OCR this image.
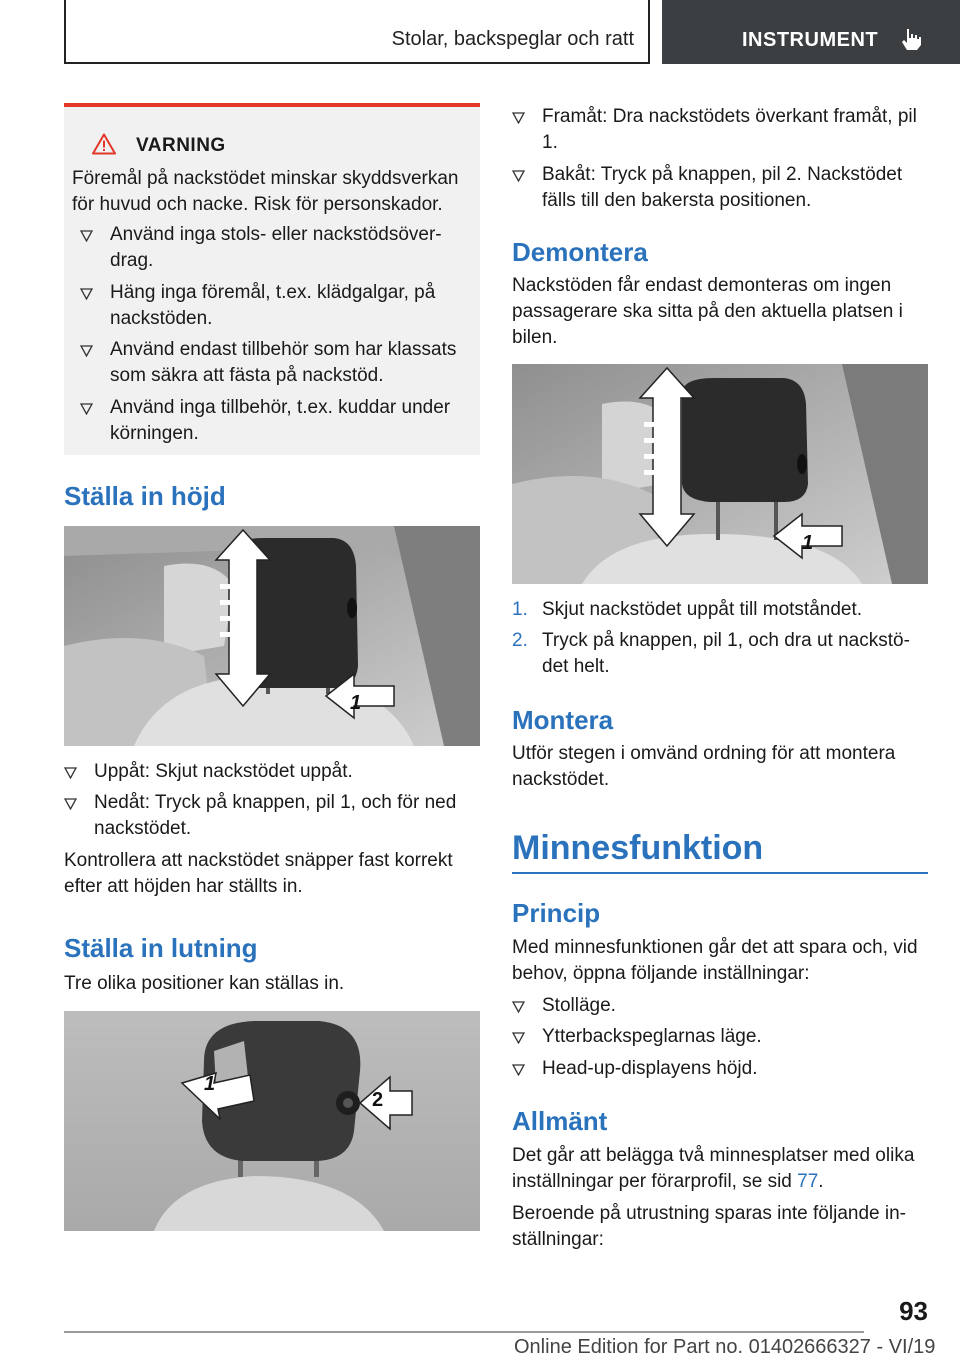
Stolar, backspeglar och ratt	INSTRUMENT
VARNING

Föremål på nackstödet minskar skyddsverkan för huvud och nacke. Risk för personskador.

Använd inga stols- eller nackstödsöverdrag.
Häng inga föremål, t.ex. klädgalgar, på nackstöden.
Använd endast tillbehör som har klassats som säkra att fästa på nackstöd.
Använd inga tillbehör, t.ex. kuddar under körningen.
Ställa in höjd
1
Uppåt: Skjut nackstödet uppåt.
Nedåt: Tryck på knappen, pil 1, och för ned nackstödet.

Kontrollera att nackstödet snäpper fast korrekt efter att höjden har ställts in.

Ställa in lutning

Tre olika positioner kan ställas in.

1
2
Framåt: Dra nackstödets överkant framåt, pil 1.
Bakåt: Tryck på knappen, pil 2. Nackstödet fälls till den bakersta positionen.
Demontera

Nackstöden får endast demonteras om ingen passagerare ska sitta på den aktuella platsen i bilen.

1
1. Skjut nackstödet uppåt till motståndet.
2. Tryck på knappen, pil 1, och dra ut nackstödet helt.
Montera

Utför stegen i omvänd ordning för att montera nackstödet.

Minnesfunktion
Princip

Med minnesfunktionen går det att spara och, vid behov, öppna följande inställningar:

Stolläge.
Ytterbackspeglarnas läge.
Head-up-displayens höjd.
Allmänt

Det går att belägga två minnesplatser med olika inställningar per förarprofil, se sid 77.

Beroende på utrustning sparas inte följande inställningar:

93
Online Edition for Part no. 01402666327 - VI/19
